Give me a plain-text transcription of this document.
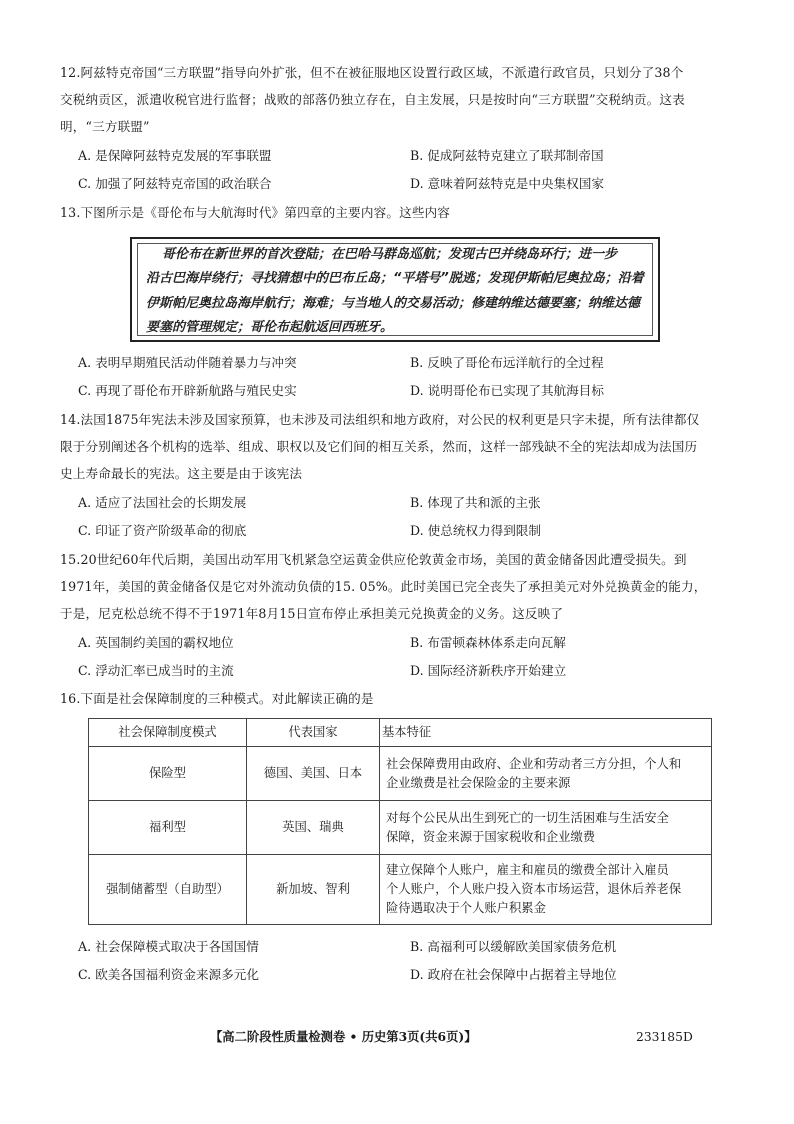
12.阿兹特克帝国“三方联盟”指导向外扩张，但不在被征服地区设置行政区域，不派遣行政官员，只划分了38个
交税纳贡区，派遣收税官进行监督；战败的部落仍独立存在，自主发展，只是按时向“三方联盟”交税纳贡。这表
明，“三方联盟”
A. 是保障阿兹特克发展的军事联盟	B. 促成阿兹特克建立了联邦制帝国
C. 加强了阿兹特克帝国的政治联合	D. 意味着阿兹特克是中央集权国家
13.下图所示是《哥伦布与大航海时代》第四章的主要内容。这些内容
哥伦布在新世界的首次登陆；在巴哈马群岛巡航；发现古巴并绕岛环行；进一步
沿古巴海岸绕行；寻找猜想中的巴布丘岛；“平塔号”脱逃；发现伊斯帕尼奥拉岛；沿着
伊斯帕尼奥拉岛海岸航行；海难；与当地人的交易活动；修建纳维达德要塞；纳维达德
要塞的管理规定；哥伦布起航返回西班牙。
A. 表明早期殖民活动伴随着暴力与冲突	B. 反映了哥伦布远洋航行的全过程
C. 再现了哥伦布开辟新航路与殖民史实	D. 说明哥伦布已实现了其航海目标
14.法国1875年宪法未涉及国家预算，也未涉及司法组织和地方政府，对公民的权利更是只字未提，所有法律都仅
限于分别阐述各个机构的选举、组成、职权以及它们间的相互关系，然而，这样一部残缺不全的宪法却成为法国历
史上寿命最长的宪法。这主要是由于该宪法
A. 适应了法国社会的长期发展	B. 体现了共和派的主张
C. 印证了资产阶级革命的彻底	D. 使总统权力得到限制
15.20世纪60年代后期，美国出动军用飞机紧急空运黄金供应伦敦黄金市场，美国的黄金储备因此遭受损失。到
1971年，美国的黄金储备仅是它对外流动负债的15. 05%。此时美国已完全丧失了承担美元对外兑换黄金的能力，
于是，尼克松总统不得不于1971年8月15日宣布停止承担美元兑换黄金的义务。这反映了
A. 英国制约美国的霸权地位	B. 布雷顿森林体系走向瓦解
C. 浮动汇率已成当时的主流	D. 国际经济新秩序开始建立
16.下面是社会保障制度的三种模式。对此解读正确的是
社会保障制度模式	代表国家	基本特征
保险型	德国、美国、日本	社会保障费用由政府、企业和劳动者三方分担，个人和
企业缴费是社会保险金的主要来源

福利型	英国、瑞典	对每个公民从出生到死亡的一切生活困难与生活安全
保障，资金来源于国家税收和企业缴费

强制储蓄型（自助型）	新加坡、智利	建立保障个人账户，雇主和雇员的缴费全部计入雇员
个人账户，个人账户投入资本市场运营，退休后养老保
险待遇取决于个人账户积累金
A. 社会保障模式取决于各国国情	B. 高福利可以缓解欧美国家债务危机
C. 欧美各国福利资金来源多元化	D. 政府在社会保障中占据着主导地位
【高二阶段性质量检测卷 • 历史第3页(共6页)】	233185D
